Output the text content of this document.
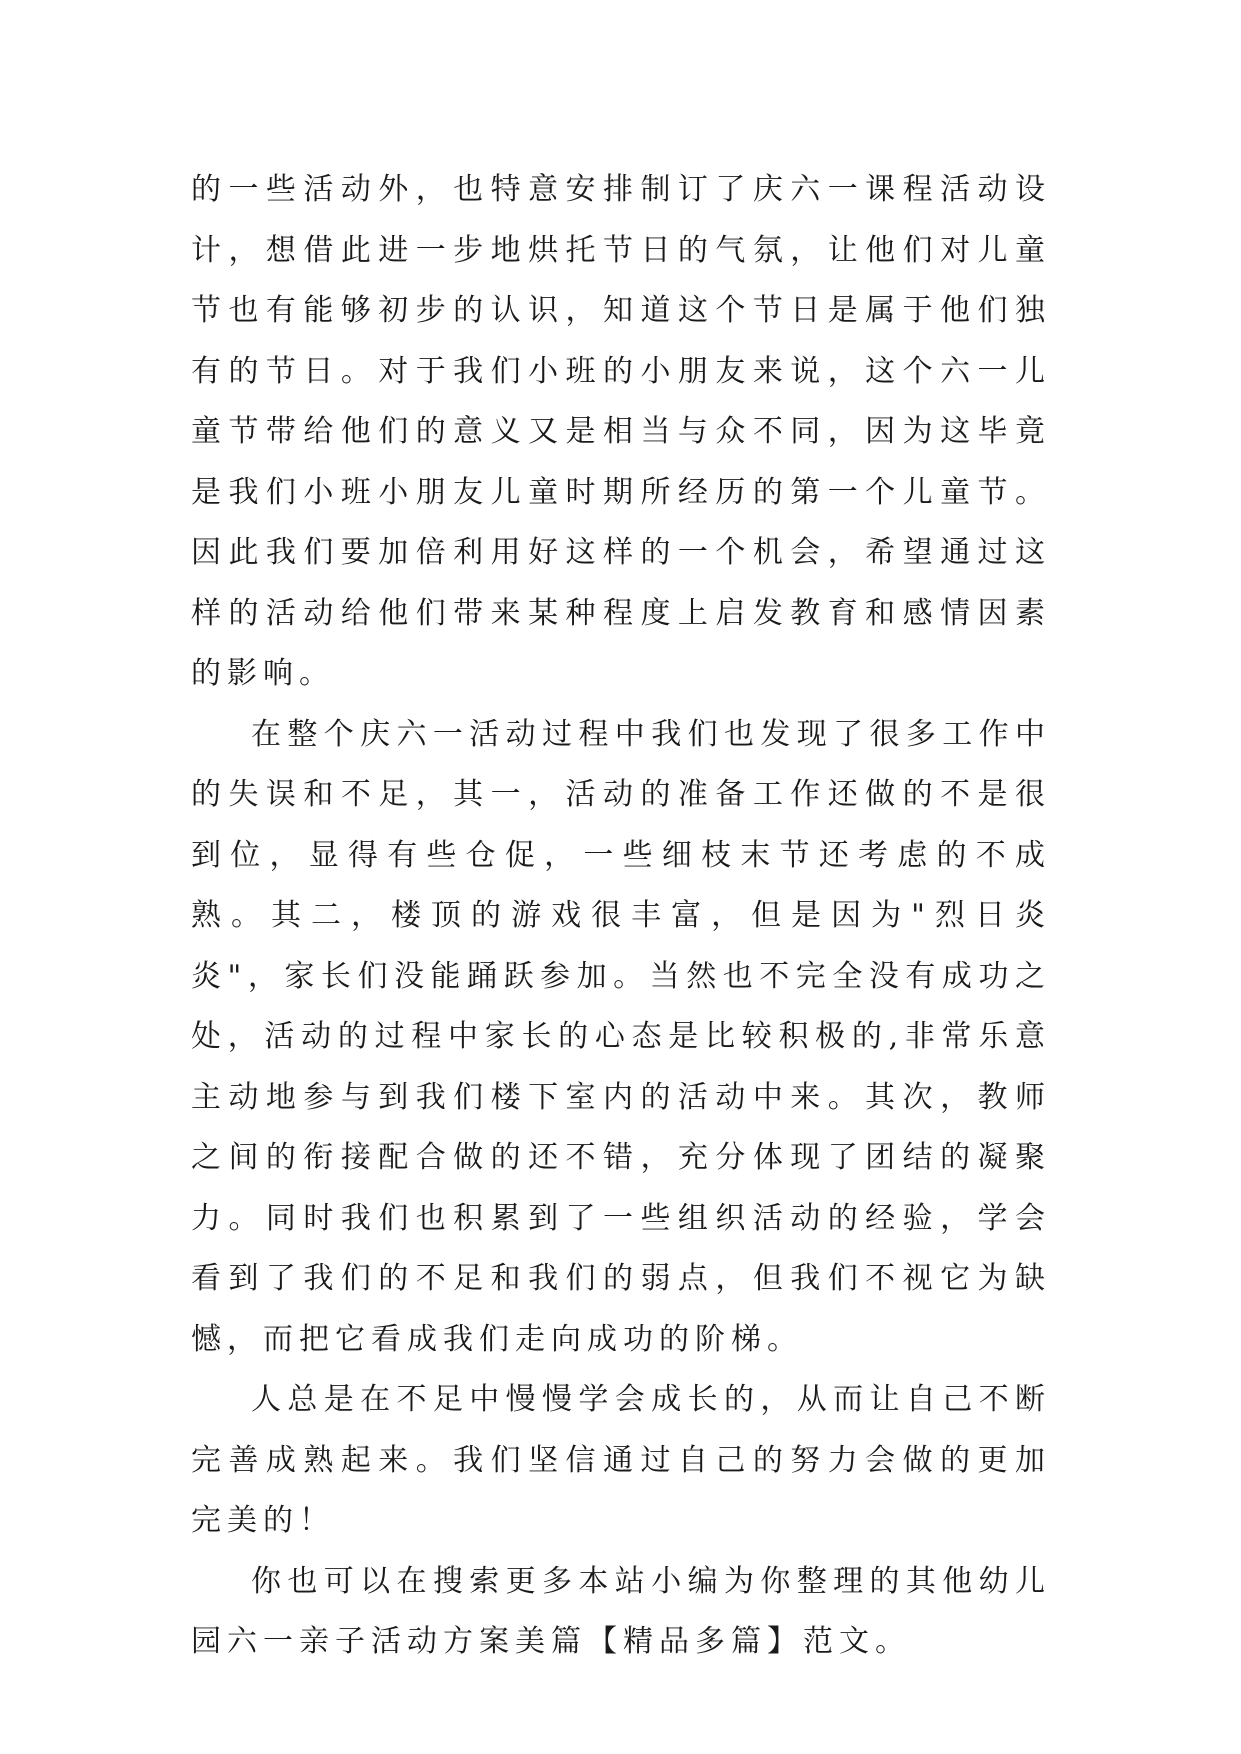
的一些活动外，也特意安排制订了庆六一课程活动设计，想借此进一步地烘托节日的气氛，让他们对儿童节也有能够初步的认识，知道这个节日是属于他们独有的节日。对于我们小班的小朋友来说，这个六一儿童节带给他们的意义又是相当与众不同，因为这毕竟是我们小班小朋友儿童时期所经历的第一个儿童节。因此我们要加倍利用好这样的一个机会，希望通过这样的活动给他们带来某种程度上启发教育和感情因素的影响。

在整个庆六一活动过程中我们也发现了很多工作中的失误和不足，其一，活动的准备工作还做的不是很到位，显得有些仓促，一些细枝末节还考虑的不成熟。其二，楼顶的游戏很丰富，但是因为"烈日炎炎"，家长们没能踊跃参加。当然也不完全没有成功之处，活动的过程中家长的心态是比较积极的,非常乐意主动地参与到我们楼下室内的活动中来。其次，教师之间的衔接配合做的还不错，充分体现了团结的凝聚力。同时我们也积累到了一些组织活动的经验，学会看到了我们的不足和我们的弱点，但我们不视它为缺憾，而把它看成我们走向成功的阶梯。

人总是在不足中慢慢学会成长的，从而让自己不断完善成熟起来。我们坚信通过自己的努力会做的更加完美的！

你也可以在搜索更多本站小编为你整理的其他幼儿园六一亲子活动方案美篇【精品多篇】范文。
